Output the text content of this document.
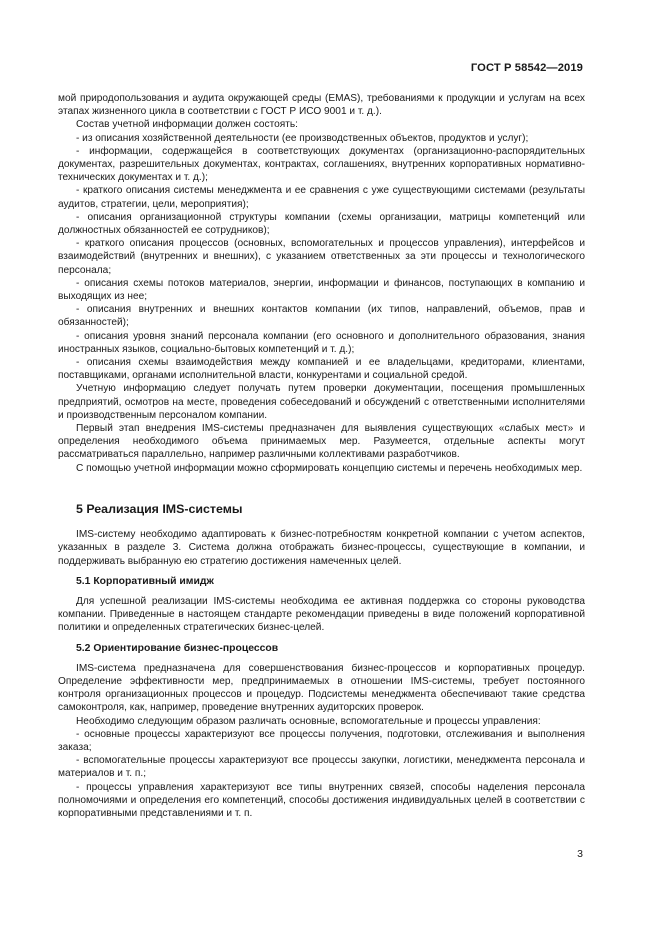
ГОСТ Р 58542—2019

мой природопользования и аудита окружающей среды (EMAS), требованиями к продукции и услугам на всех этапах жизненного цикла в соответствии с ГОСТ Р ИСО 9001 и т. д.).

Состав учетной информации должен состоять:

- из описания хозяйственной деятельности (ее производственных объектов, продуктов и услуг);

- информации, содержащейся в соответствующих документах (организационно-распорядительных документах, разрешительных документах, контрактах, соглашениях, внутренних корпоративных нормативно-технических документах и т. д.);

- краткого описания системы менеджмента и ее сравнения с уже существующими системами (результаты аудитов, стратегии, цели, мероприятия);

- описания организационной структуры компании (схемы организации, матрицы компетенций или должностных обязанностей ее сотрудников);

- краткого описания процессов (основных, вспомогательных и процессов управления), интерфейсов и взаимодействий (внутренних и внешних), с указанием ответственных за эти процессы и технологического персонала;

- описания схемы потоков материалов, энергии, информации и финансов, поступающих в компанию и выходящих из нее;

- описания внутренних и внешних контактов компании (их типов, направлений, объемов, прав и обязанностей);

- описания уровня знаний персонала компании (его основного и дополнительного образования, знания иностранных языков, социально-бытовых компетенций и т. д.);

- описания схемы взаимодействия между компанией и ее владельцами, кредиторами, клиентами, поставщиками, органами исполнительной власти, конкурентами и социальной средой.

Учетную информацию следует получать путем проверки документации, посещения промышленных предприятий, осмотров на месте, проведения собеседований и обсуждений с ответственными исполнителями и производственным персоналом компании.

Первый этап внедрения IMS-системы предназначен для выявления существующих «слабых мест» и определения необходимого объема принимаемых мер. Разумеется, отдельные аспекты могут рассматриваться параллельно, например различными коллективами разработчиков.

С помощью учетной информации можно сформировать концепцию системы и перечень необходимых мер.

5 Реализация IMS-системы

IMS-систему необходимо адаптировать к бизнес-потребностям конкретной компании с учетом аспектов, указанных в разделе 3. Система должна отображать бизнес-процессы, существующие в компании, и поддерживать выбранную ею стратегию достижения намеченных целей.

5.1 Корпоративный имидж

Для успешной реализации IMS-системы необходима ее активная поддержка со стороны руководства компании. Приведенные в настоящем стандарте рекомендации приведены в виде положений корпоративной политики и определенных стратегических бизнес-целей.

5.2 Ориентирование бизнес-процессов

IMS-система предназначена для совершенствования бизнес-процессов и корпоративных процедур. Определение эффективности мер, предпринимаемых в отношении IMS-системы, требует постоянного контроля организационных процессов и процедур. Подсистемы менеджмента обеспечивают такие средства самоконтроля, как, например, проведение внутренних аудиторских проверок.

Необходимо следующим образом различать основные, вспомогательные и процессы управления:

- основные процессы характеризуют все процессы получения, подготовки, отслеживания и выполнения заказа;

- вспомогательные процессы характеризуют все процессы закупки, логистики, менеджмента персонала и материалов и т. п.;

- процессы управления характеризуют все типы внутренних связей, способы наделения персонала полномочиями и определения его компетенций, способы достижения индивидуальных целей в соответствии с корпоративными представлениями и т. п.

3
